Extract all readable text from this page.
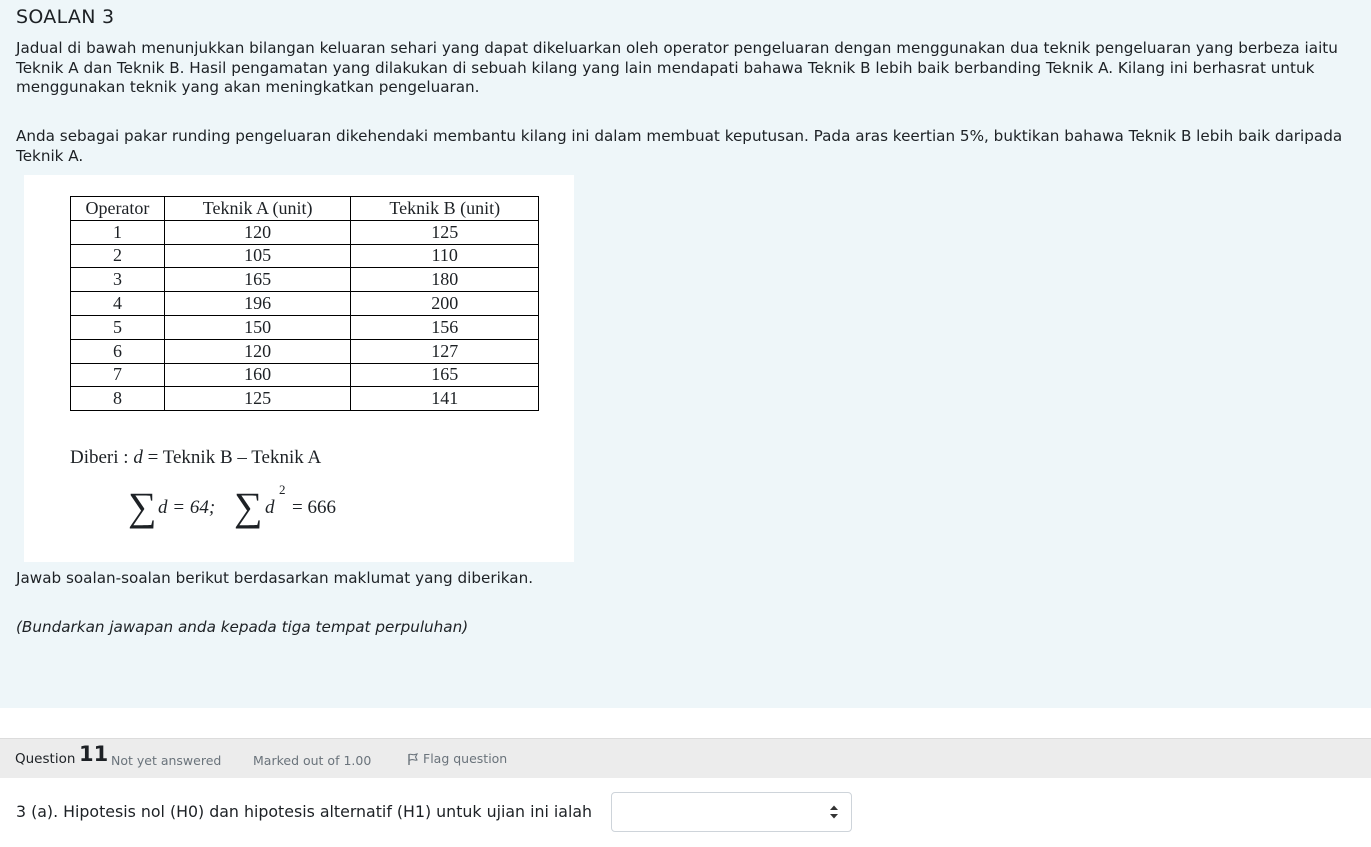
SOALAN 3

Jadual di bawah menunjukkan bilangan keluaran sehari yang dapat dikeluarkan oleh operator pengeluaran dengan menggunakan dua teknik pengeluaran yang berbeza iaitu Teknik A dan Teknik B. Hasil pengamatan yang dilakukan di sebuah kilang yang lain mendapati bahawa Teknik B lebih baik berbanding Teknik A. Kilang ini berhasrat untuk menggunakan teknik yang akan meningkatkan pengeluaran.

Anda sebagai pakar runding pengeluaran dikehendaki membantu kilang ini dalam membuat keputusan. Pada aras keertian 5%, buktikan bahawa Teknik B lebih baik daripada Teknik A.

Operator	Teknik A (unit)	Teknik B (unit)
1	120	125
2	105	110
3	165	180
4	196	200
5	150	156
6	120	127
7	160	165
8	125	141
Diberi : d = Teknik B – Teknik A
∑ d = 64; ∑ d
2
= 666

Jawab soalan-soalan berikut berdasarkan maklumat yang diberikan.

(Bundarkan jawapan anda kepada tiga tempat perpuluhan)

Question 11 Not yet answered	Marked out of 1.00	Flag question

3 (a). Hipotesis nol (H0) dan hipotesis alternatif (H1) untuk ujian ini ialah
